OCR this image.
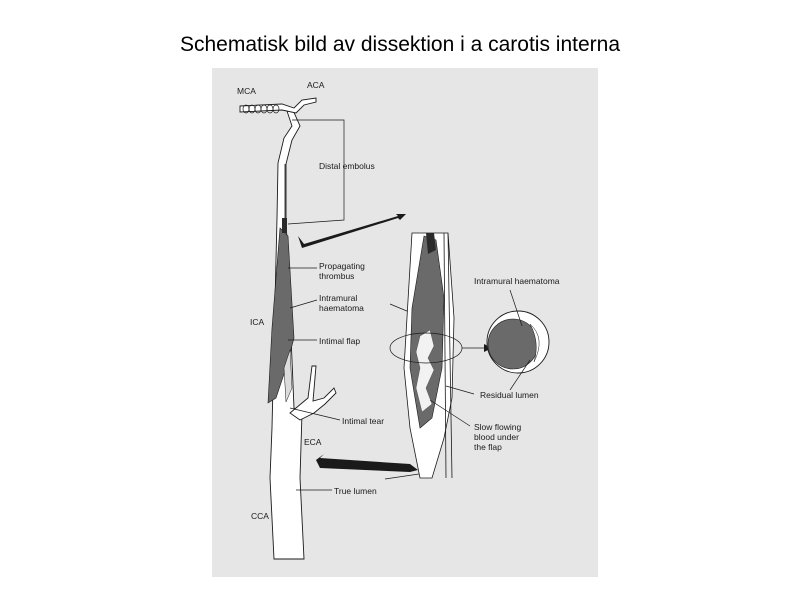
Schematisk bild av dissektion i a carotis interna
MCA
ACA
ICA
ECA
CCA
Distal embolus
Propagating thrombus
Intramural haematoma
Intimal flap
Intimal tear
True lumen
Intramural haematoma
Residual lumen
Slow flowing blood under the flap
